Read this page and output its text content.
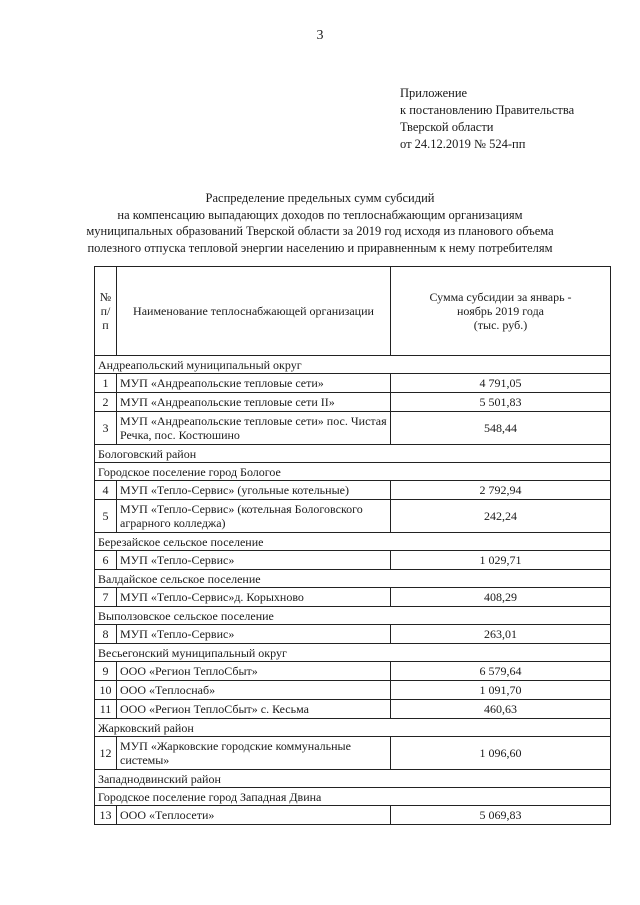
3
Приложение
к постановлению Правительства
Тверской области
от 24.12.2019 № 524-пп
Распределение предельных сумм субсидий
на компенсацию выпадающих доходов по теплоснабжающим организациям
муниципальных образований Тверской области за 2019 год исходя из планового объема
полезного отпуска тепловой энергии населению и приравненным к нему потребителям
№
п/п	Наименование теплоснабжающей организации	Сумма субсидии за январь -
ноябрь 2019 года
(тыс. руб.)

Андреапольский муниципальный округ		
1	МУП «Андреапольские тепловые сети»	4 791,05
2	МУП «Андреапольские тепловые сети II»	5 501,83
3	МУП «Андреапольские тепловые сети» пос. Чистая Речка, пос. Костюшино	548,44
Бологовский район		
Городское поселение город Бологое		
4	МУП «Тепло-Сервис» (угольные котельные)	2 792,94
5	МУП «Тепло-Сервис» (котельная Бологовского аграрного колледжа)	242,24
Березайское сельское поселение		
6	МУП «Тепло-Сервис»	1 029,71
Валдайское сельское поселение		
7	МУП «Тепло-Сервис»д. Корыхново	408,29
Выползовское сельское поселение		
8	МУП «Тепло-Сервис»	263,01
Весьегонский муниципальный округ		
9	ООО «Регион ТеплоСбыт»	6 579,64
10	ООО «Теплоснаб»	1 091,70
11	ООО «Регион ТеплоСбыт» с. Кесьма	460,63
Жарковский район		
12	МУП «Жарковские городские коммунальные системы»	1 096,60
Западнодвинский район		
Городское поселение город Западная Двина		
13	ООО «Теплосети»	5 069,83
